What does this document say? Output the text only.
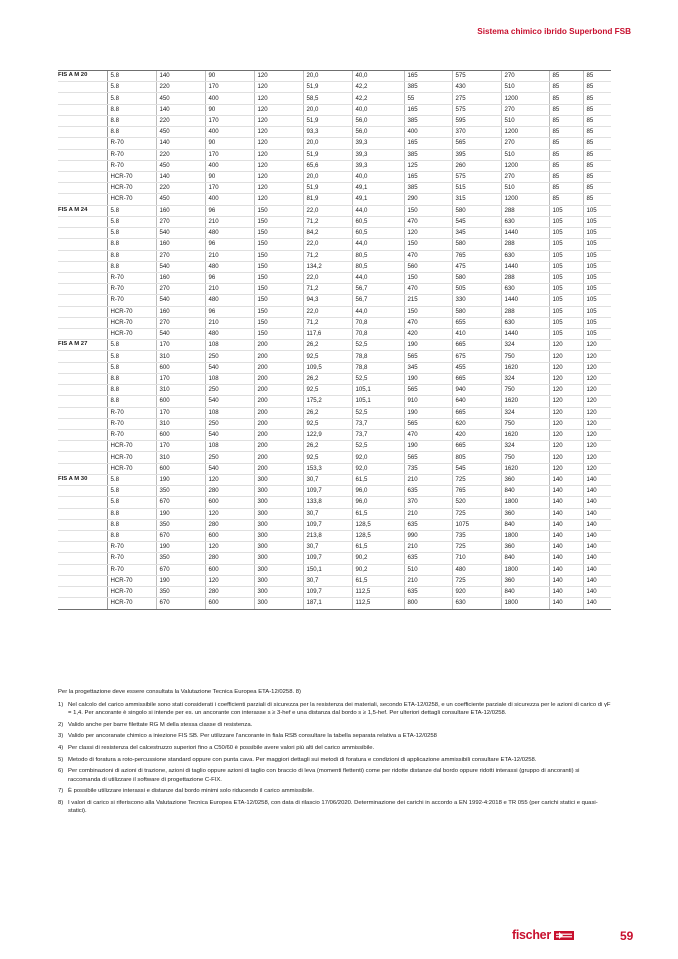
Sistema chimico ibrido Superbond FSB
FIS A M 20	5.8	140	90	120	20,0	40,0	165	575	270	85	85
	5.8	220	170	120	51,9	42,2	385	430	510	85	85
	5.8	450	400	120	58,5	42,2	55	275	1200	85	85
	8.8	140	90	120	20,0	40,0	165	575	270	85	85
	8.8	220	170	120	51,9	56,0	385	595	510	85	85
	8.8	450	400	120	93,3	56,0	400	370	1200	85	85
	R-70	140	90	120	20,0	39,3	165	565	270	85	85
	R-70	220	170	120	51,9	39,3	385	395	510	85	85
	R-70	450	400	120	65,6	39,3	125	260	1200	85	85
	HCR-70	140	90	120	20,0	40,0	165	575	270	85	85
	HCR-70	220	170	120	51,9	49,1	385	515	510	85	85
	HCR-70	450	400	120	81,9	49,1	290	315	1200	85	85
FIS A M 24	5.8	160	96	150	22,0	44,0	150	580	288	105	105
	5.8	270	210	150	71,2	60,5	470	545	630	105	105
	5.8	540	480	150	84,2	60,5	120	345	1440	105	105
	8.8	160	96	150	22,0	44,0	150	580	288	105	105
	8.8	270	210	150	71,2	80,5	470	765	630	105	105
	8.8	540	480	150	134,2	80,5	560	475	1440	105	105
	R-70	160	96	150	22,0	44,0	150	580	288	105	105
	R-70	270	210	150	71,2	56,7	470	505	630	105	105
	R-70	540	480	150	94,3	56,7	215	330	1440	105	105
	HCR-70	160	96	150	22,0	44,0	150	580	288	105	105
	HCR-70	270	210	150	71,2	70,8	470	655	630	105	105
	HCR-70	540	480	150	117,6	70,8	420	410	1440	105	105
FIS A M 27	5.8	170	108	200	26,2	52,5	190	665	324	120	120
	5.8	310	250	200	92,5	78,8	565	675	750	120	120
	5.8	600	540	200	109,5	78,8	345	455	1620	120	120
	8.8	170	108	200	26,2	52,5	190	665	324	120	120
	8.8	310	250	200	92,5	105,1	565	940	750	120	120
	8.8	600	540	200	175,2	105,1	910	640	1620	120	120
	R-70	170	108	200	26,2	52,5	190	665	324	120	120
	R-70	310	250	200	92,5	73,7	565	620	750	120	120
	R-70	600	540	200	122,9	73,7	470	420	1620	120	120
	HCR-70	170	108	200	26,2	52,5	190	665	324	120	120
	HCR-70	310	250	200	92,5	92,0	565	805	750	120	120
	HCR-70	600	540	200	153,3	92,0	735	545	1620	120	120
FIS A M 30	5.8	190	120	300	30,7	61,5	210	725	360	140	140
	5.8	350	280	300	109,7	96,0	635	765	840	140	140
	5.8	670	600	300	133,8	96,0	370	520	1800	140	140
	8.8	190	120	300	30,7	61,5	210	725	360	140	140
	8.8	350	280	300	109,7	128,5	635	1075	840	140	140
	8.8	670	600	300	213,8	128,5	990	735	1800	140	140
	R-70	190	120	300	30,7	61,5	210	725	360	140	140
	R-70	350	280	300	109,7	90,2	635	710	840	140	140
	R-70	670	600	300	150,1	90,2	510	480	1800	140	140
	HCR-70	190	120	300	30,7	61,5	210	725	360	140	140
	HCR-70	350	280	300	109,7	112,5	635	920	840	140	140
	HCR-70	670	600	300	187,1	112,5	800	630	1800	140	140
Per la progettazione deve essere consultata la Valutazione Tecnica Europea ETA-12/0258. 8)
1) Nel calcolo del carico ammissibile sono stati considerati i coefficienti parziali di sicurezza per la resistenza dei materiali, secondo ETA-12/0258, e un coefficiente parziale di sicurezza per le azioni di carico di γF = 1,4. Per ancorante è singolo si intende per es. un ancorante con interasse s ≥ 3-hef e una distanza dal bordo s ≥ 1,5-hef. Per ulteriori dettagli consultare ETA-12/0258.
2) Valido anche per barre filettate RG M della stessa classe di resistenza.
3) Valido per ancoranate chimico a iniezione FIS SB. Per utilizzare l'ancorante in fiala RSB consultare la tabella separata relativa a ETA-12/0258
4) Per classi di resistenza del calcestruzzo superiori fino a C50/60 è possibile avere valori più alti del carico ammissibile.
5) Metodo di foratura a roto-percussione standard oppure con punta cava. Per maggiori dettagli sui metodi di foratura e condizioni di applicazione ammissibili consultare ETA-12/0258.
6) Per combinazioni di azioni di trazione, azioni di taglio oppure azioni di taglio con braccio di leva (momenti flettenti) come per ridotte distanze dal bordo oppure ridotti interassi (gruppo di ancoranti) si raccomanda di utilizzare il software di progettazione C-FIX.
7) È possibile utilizzare interassi e distanze dal bordo minimi solo riducendo il carico ammissibile.
8) I valori di carico si riferiscono alla Valutazione Tecnica Europea ETA-12/0258, con data di rilascio 17/06/2020. Determinazione dei carichi in accordo a EN 1992-4:2018 e TR 055 (per carichi statici e quasi-statici).
fischer	59
